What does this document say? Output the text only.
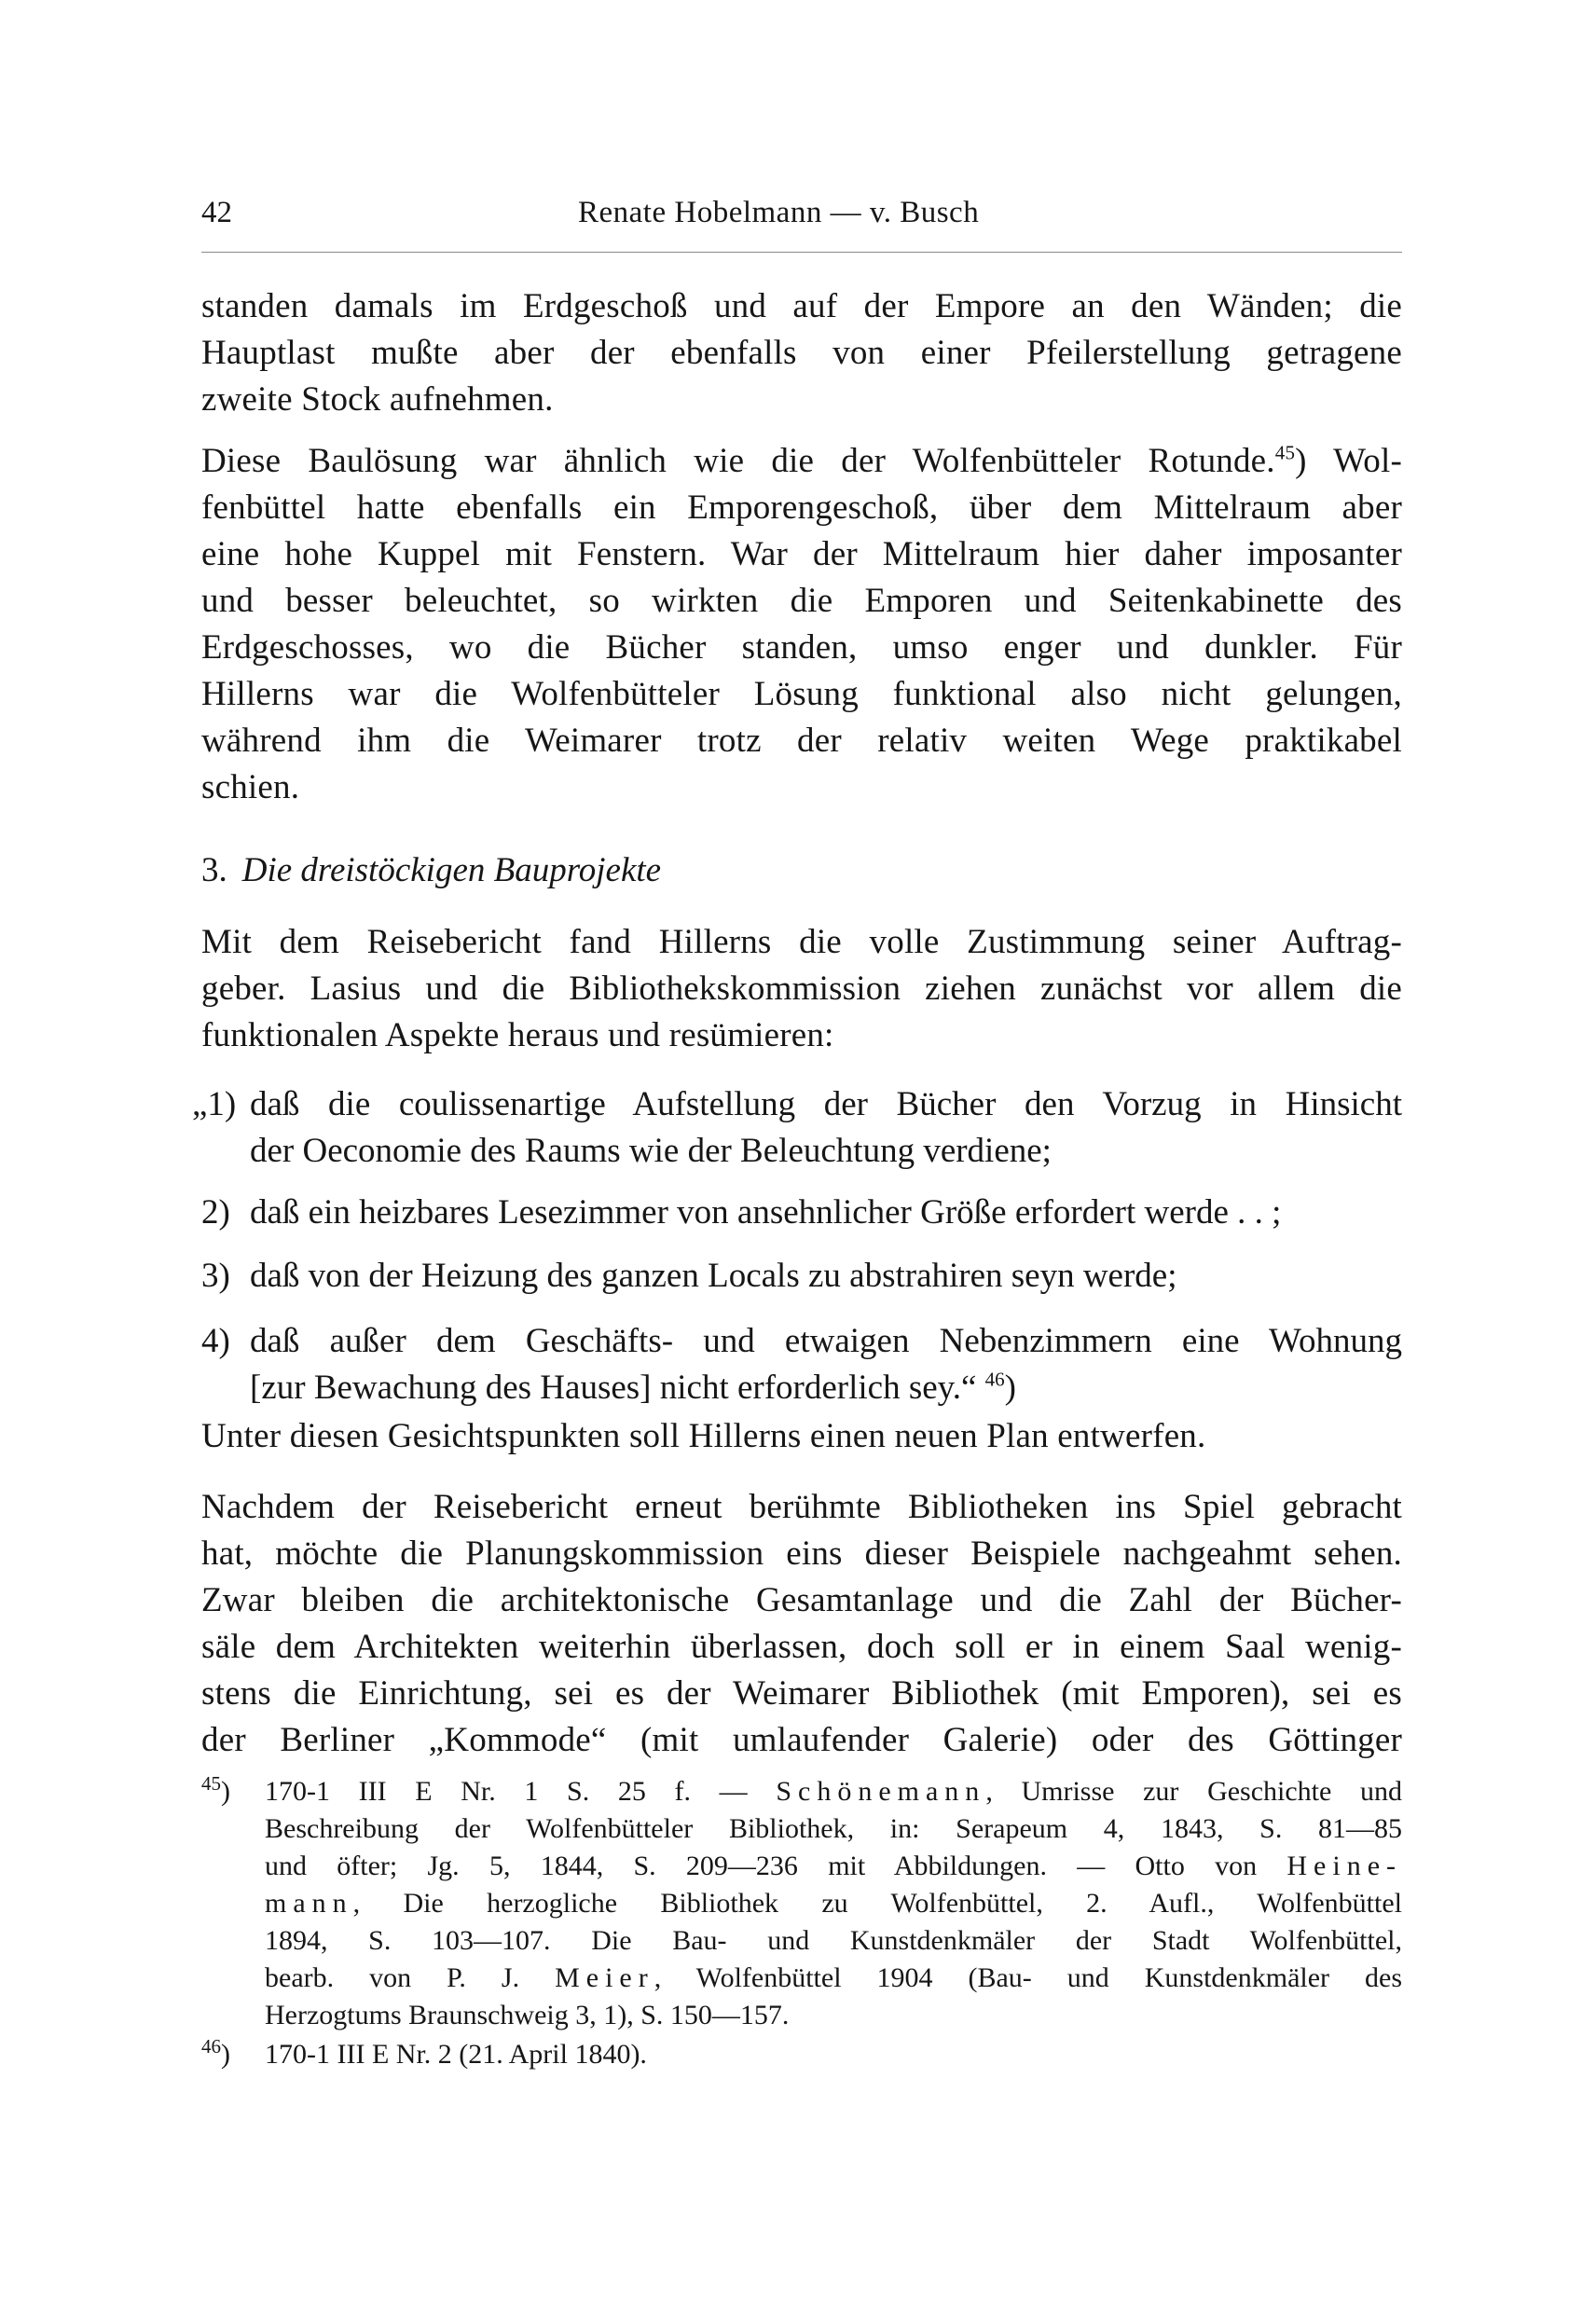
42	Renate Hobelmann — v. Busch
standen damals im Erdgeschoß und auf der Empore an den Wänden; die
Hauptlast mußte aber der ebenfalls von einer Pfeilerstellung getragene
zweite Stock aufnehmen.
Diese Baulösung war ähnlich wie die der Wolfenbütteler Rotunde.$^{45}$) Wol-
fenbüttel hatte ebenfalls ein Emporengeschoß, über dem Mittelraum aber
eine hohe Kuppel mit Fenstern. War der Mittelraum hier daher imposanter
und besser beleuchtet, so wirkten die Emporen und Seitenkabinette des
Erdgeschosses, wo die Bücher standen, umso enger und dunkler. Für
Hillerns war die Wolfenbütteler Lösung funktional also nicht gelungen,
während ihm die Weimarer trotz der relativ weiten Wege praktikabel
schien.
3. Die dreistöckigen Bauprojekte
Mit dem Reisebericht fand Hillerns die volle Zustimmung seiner Auftrag-
geber. Lasius und die Bibliothekskommission ziehen zunächst vor allem die
funktionalen Aspekte heraus und resümieren:
„1) daß die coulissenartige Aufstellung der Bücher den Vorzug in Hinsicht
der Oeconomie des Raums wie der Beleuchtung verdiene;
2) daß ein heizbares Lesezimmer von ansehnlicher Größe erfordert werde . . ;
3) daß von der Heizung des ganzen Locals zu abstrahiren seyn werde;
4) daß außer dem Geschäfts- und etwaigen Nebenzimmern eine Wohnung
[zur Bewachung des Hauses] nicht erforderlich sey.“ $^{46}$)
Unter diesen Gesichtspunkten soll Hillerns einen neuen Plan entwerfen.
Nachdem der Reisebericht erneut berühmte Bibliotheken ins Spiel gebracht
hat, möchte die Planungskommission eins dieser Beispiele nachgeahmt sehen.
Zwar bleiben die architektonische Gesamtanlage und die Zahl der Bücher-
säle dem Architekten weiterhin überlassen, doch soll er in einem Saal wenig-
stens die Einrichtung, sei es der Weimarer Bibliothek (mit Emporen), sei es
der Berliner „Kommode“ (mit umlaufender Galerie) oder des Göttinger
$^{45}$) 170-1 III E Nr. 1 S. 25 f. — Schönemann, Umrisse zur Geschichte und
Beschreibung der Wolfenbütteler Bibliothek, in: Serapeum 4, 1843, S. 81—85
und öfter; Jg. 5, 1844, S. 209—236 mit Abbildungen. — Otto von Heine-
mann, Die herzogliche Bibliothek zu Wolfenbüttel, 2. Aufl., Wolfenbüttel
1894, S. 103—107. Die Bau- und Kunstdenkmäler der Stadt Wolfenbüttel,
bearb. von P. J. Meier, Wolfenbüttel 1904 (Bau- und Kunstdenkmäler des
Herzogtums Braunschweig 3, 1), S. 150—157.
$^{46}$) 170-1 III E Nr. 2 (21. April 1840).
